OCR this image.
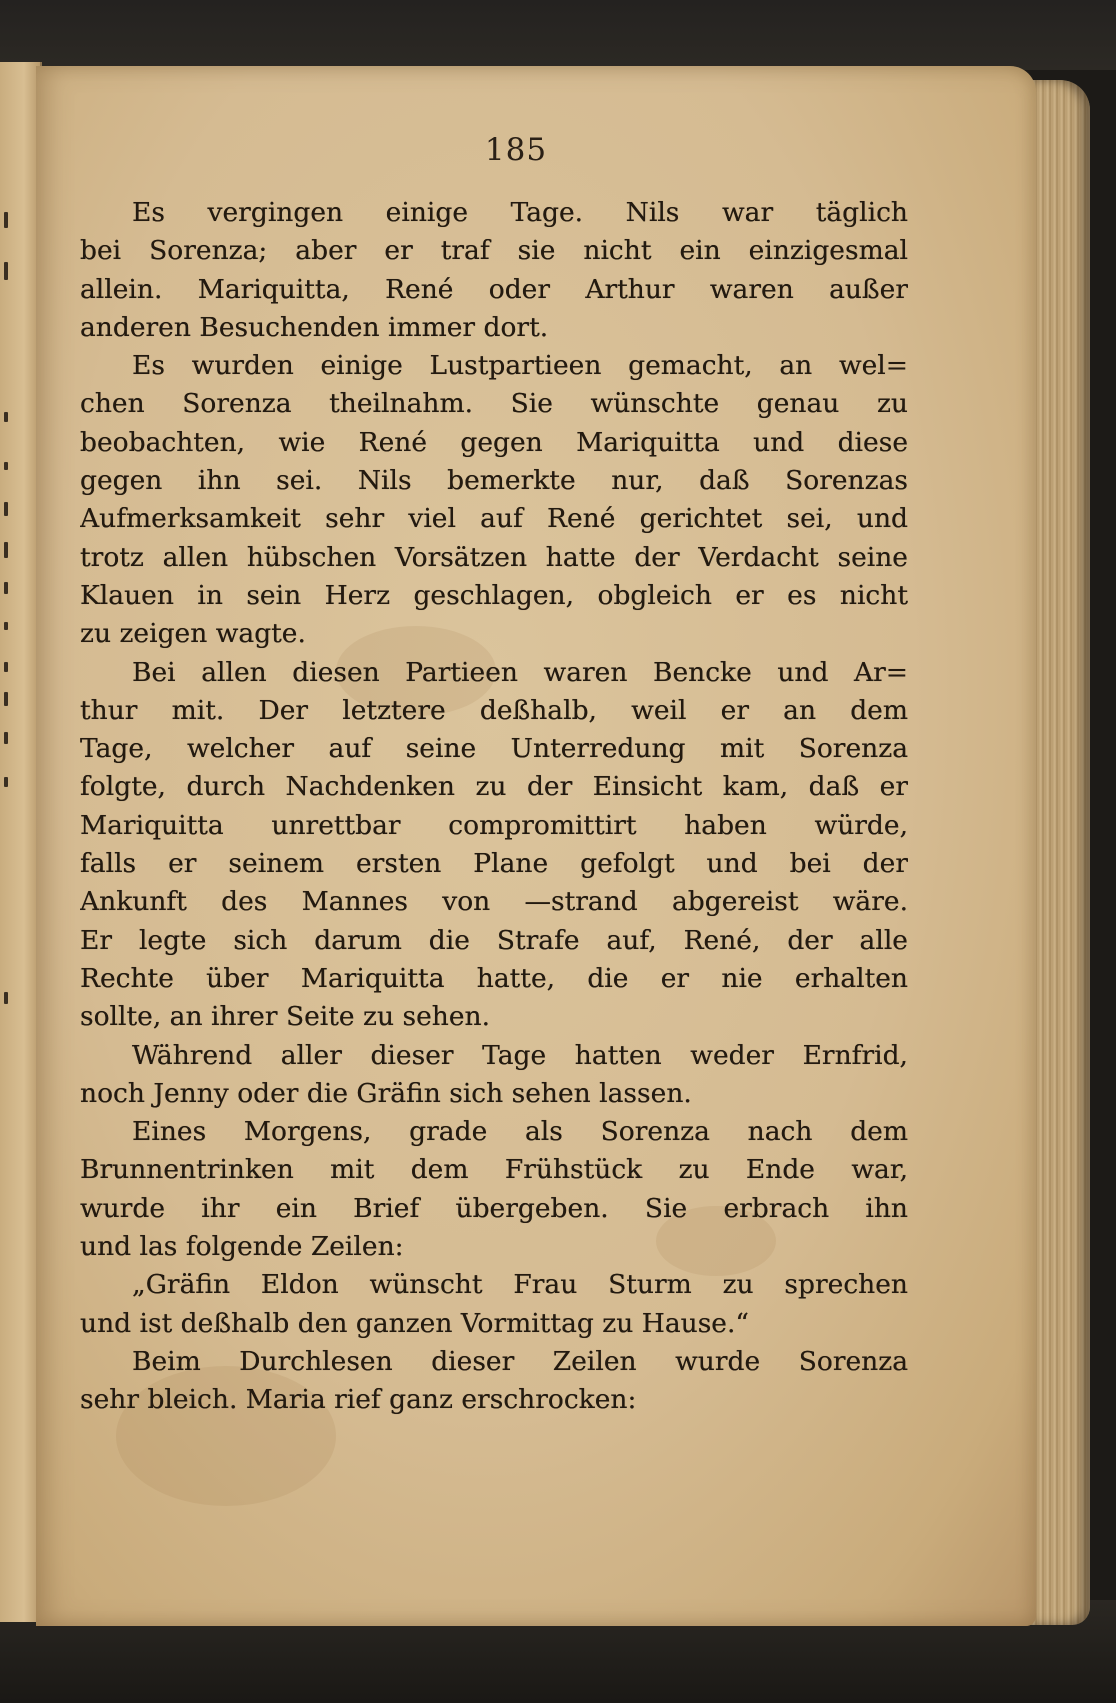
185
Es vergingen einige Tage. Nils war täglich
bei Sorenza; aber er traf sie nicht ein einzigesmal
allein. Mariquitta, René oder Arthur waren außer
anderen Besuchenden immer dort.
Es wurden einige Lustpartieen gemacht, an wel=
chen Sorenza theilnahm. Sie wünschte genau zu
beobachten, wie René gegen Mariquitta und diese
gegen ihn sei. Nils bemerkte nur, daß Sorenzas
Aufmerksamkeit sehr viel auf René gerichtet sei, und
trotz allen hübschen Vorsätzen hatte der Verdacht seine
Klauen in sein Herz geschlagen, obgleich er es nicht
zu zeigen wagte.
Bei allen diesen Partieen waren Bencke und Ar=
thur mit. Der letztere deßhalb, weil er an dem
Tage, welcher auf seine Unterredung mit Sorenza
folgte, durch Nachdenken zu der Einsicht kam, daß er
Mariquitta unrettbar compromittirt haben würde,
falls er seinem ersten Plane gefolgt und bei der
Ankunft des Mannes von —strand abgereist wäre.
Er legte sich darum die Strafe auf, René, der alle
Rechte über Mariquitta hatte, die er nie erhalten
sollte, an ihrer Seite zu sehen.
Während aller dieser Tage hatten weder Ernfrid,
noch Jenny oder die Gräfin sich sehen lassen.
Eines Morgens, grade als Sorenza nach dem
Brunnentrinken mit dem Frühstück zu Ende war,
wurde ihr ein Brief übergeben. Sie erbrach ihn
und las folgende Zeilen:
„Gräfin Eldon wünscht Frau Sturm zu sprechen
und ist deßhalb den ganzen Vormittag zu Hause.“
Beim Durchlesen dieser Zeilen wurde Sorenza
sehr bleich. Maria rief ganz erschrocken:
